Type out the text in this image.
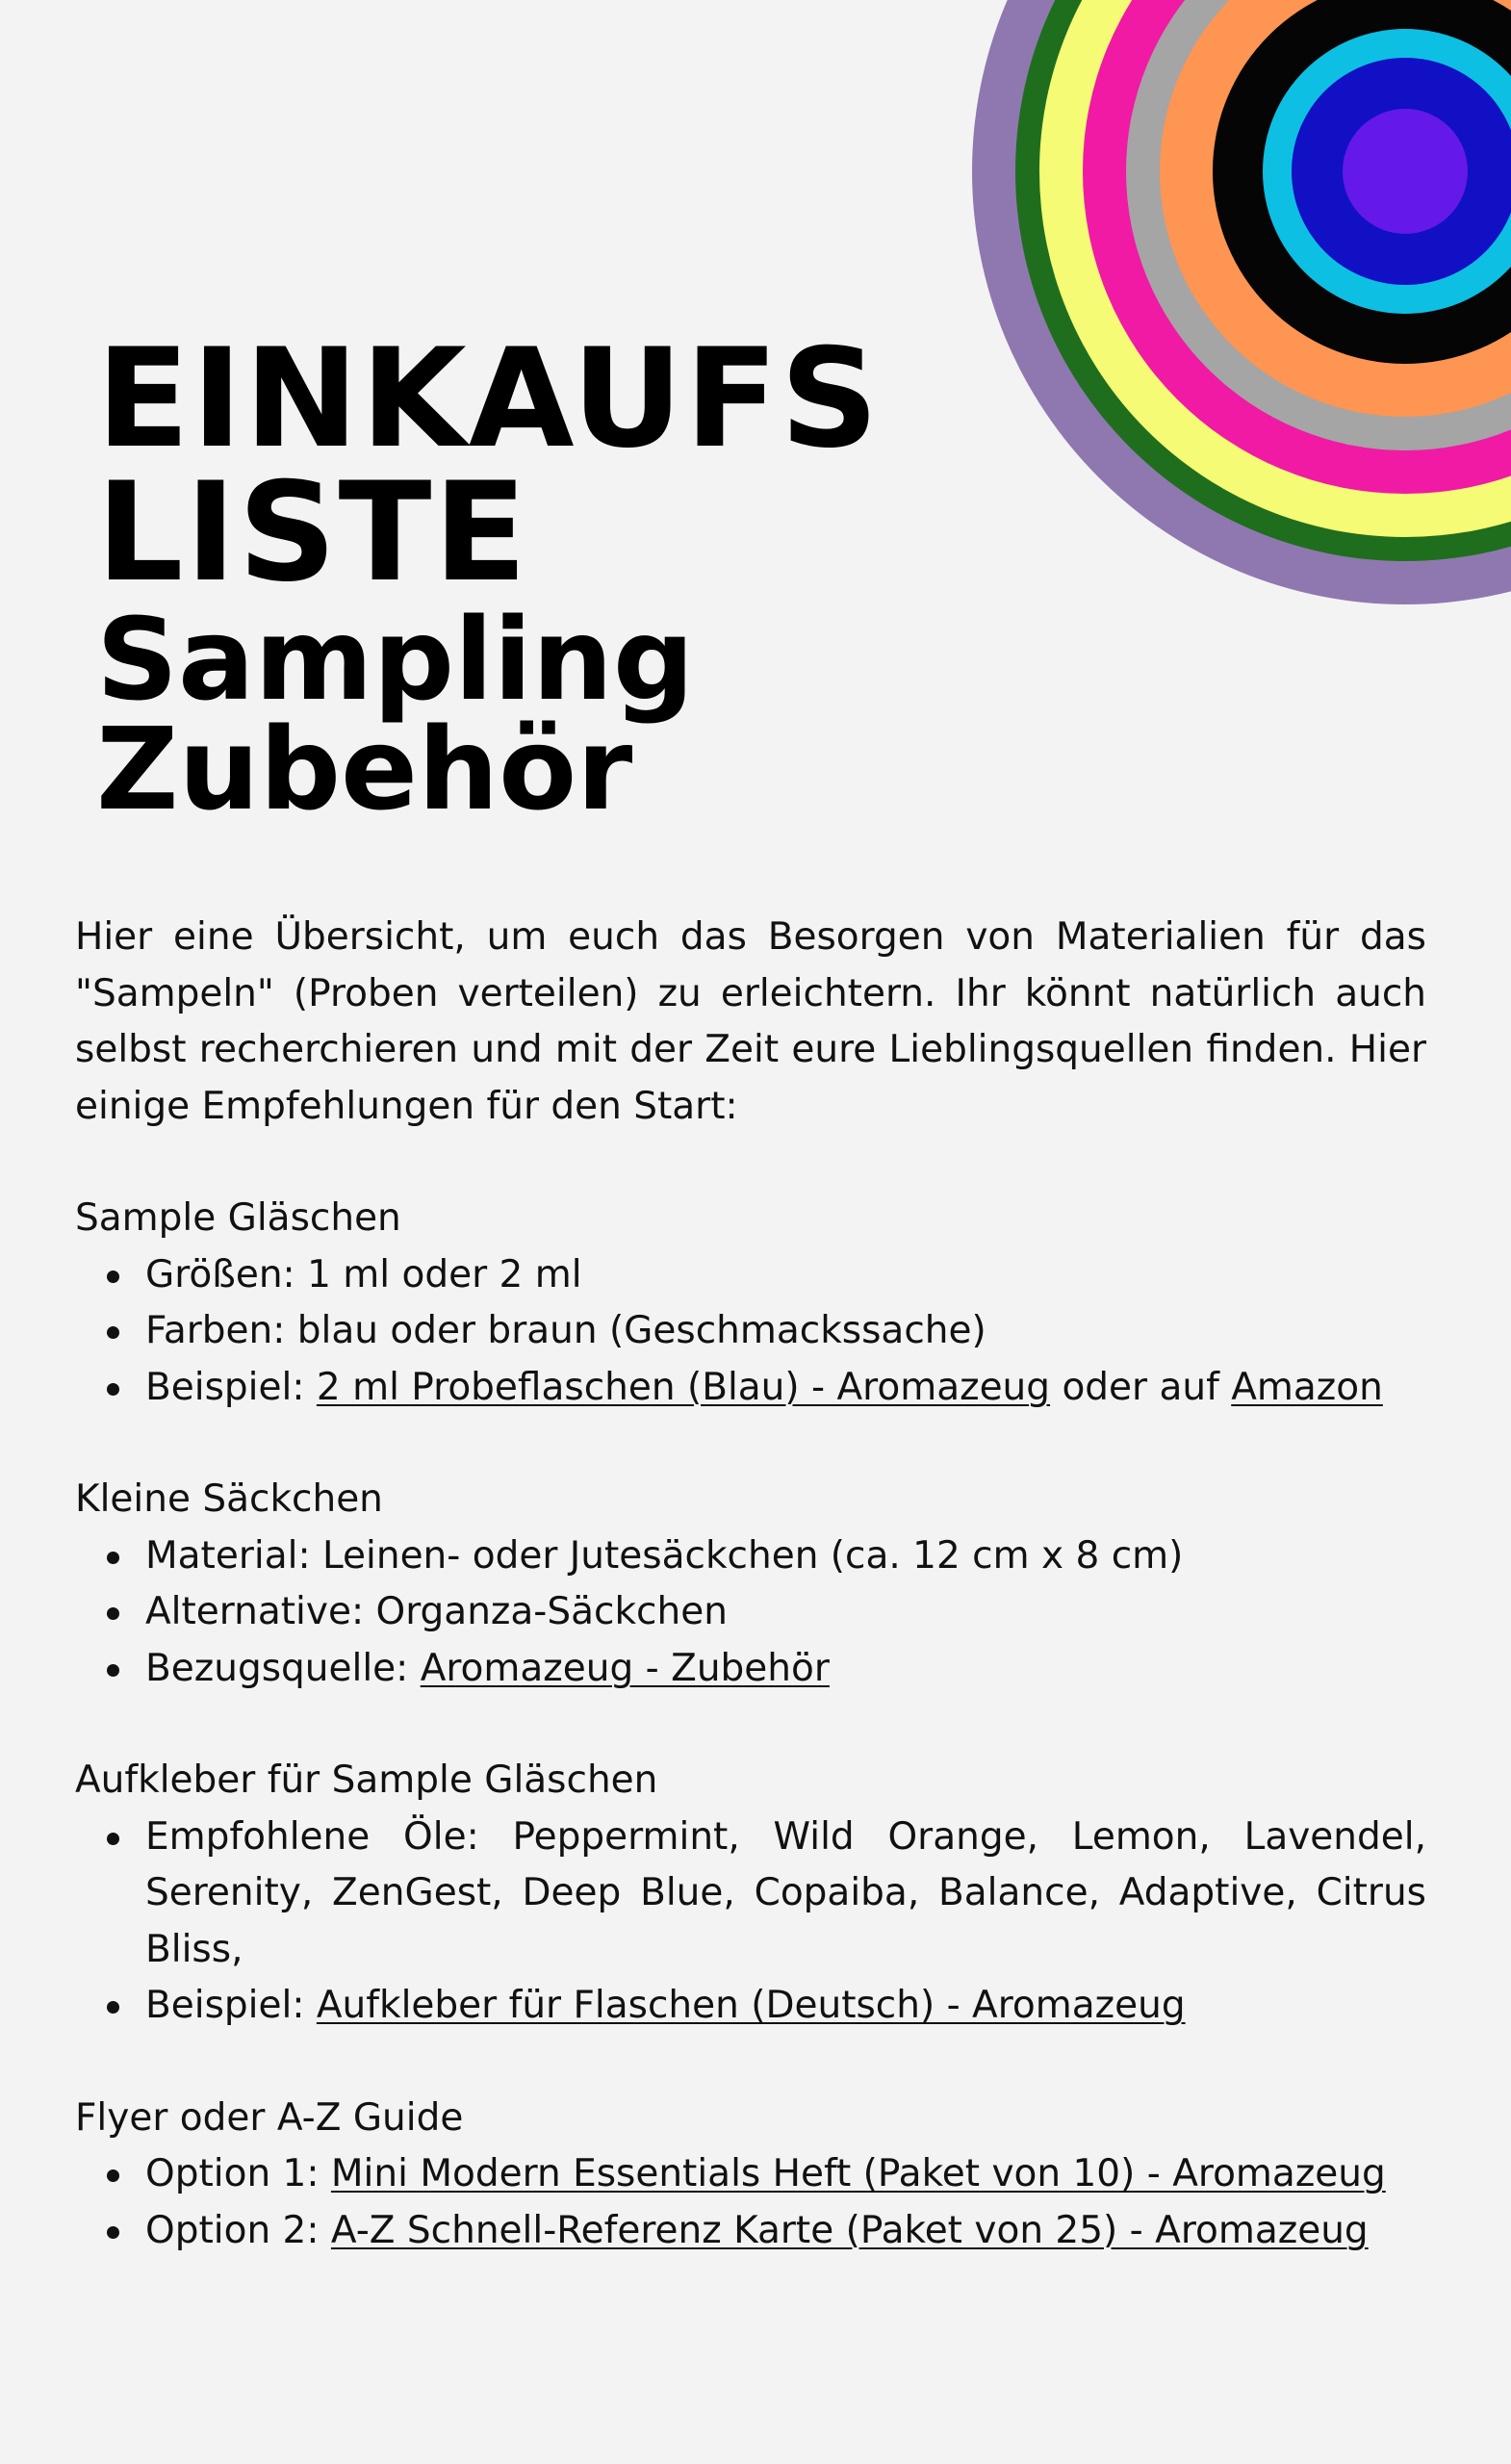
EINKAUFS
LISTE
Sampling
Zubehör

Hier eine Übersicht, um euch das Besorgen von Materialien für das "Sampeln" (Proben verteilen) zu erleichtern. Ihr könnt natürlich auch selbst recherchieren und mit der Zeit eure Lieblingsquellen finden. Hier einige Empfehlungen für den Start:

Sample Gläschen

Größen: 1 ml oder 2 ml
Farben: blau oder braun (Geschmackssache)
Beispiel: 2 ml Probeflaschen (Blau) - Aromazeug oder auf Amazon

Kleine Säckchen

Material: Leinen- oder Jutesäckchen (ca. 12 cm x 8 cm)
Alternative: Organza-Säckchen
Bezugsquelle: Aromazeug - Zubehör

Aufkleber für Sample Gläschen

Empfohlene Öle: Peppermint, Wild Orange, Lemon, Lavendel, Serenity, ZenGest, Deep Blue, Copaiba, Balance, Adaptive, Citrus Bliss,
Beispiel: Aufkleber für Flaschen (Deutsch) - Aromazeug

Flyer oder A-Z Guide

Option 1: Mini Modern Essentials Heft (Paket von 10) - Aromazeug
Option 2: A-Z Schnell-Referenz Karte (Paket von 25) - Aromazeug
